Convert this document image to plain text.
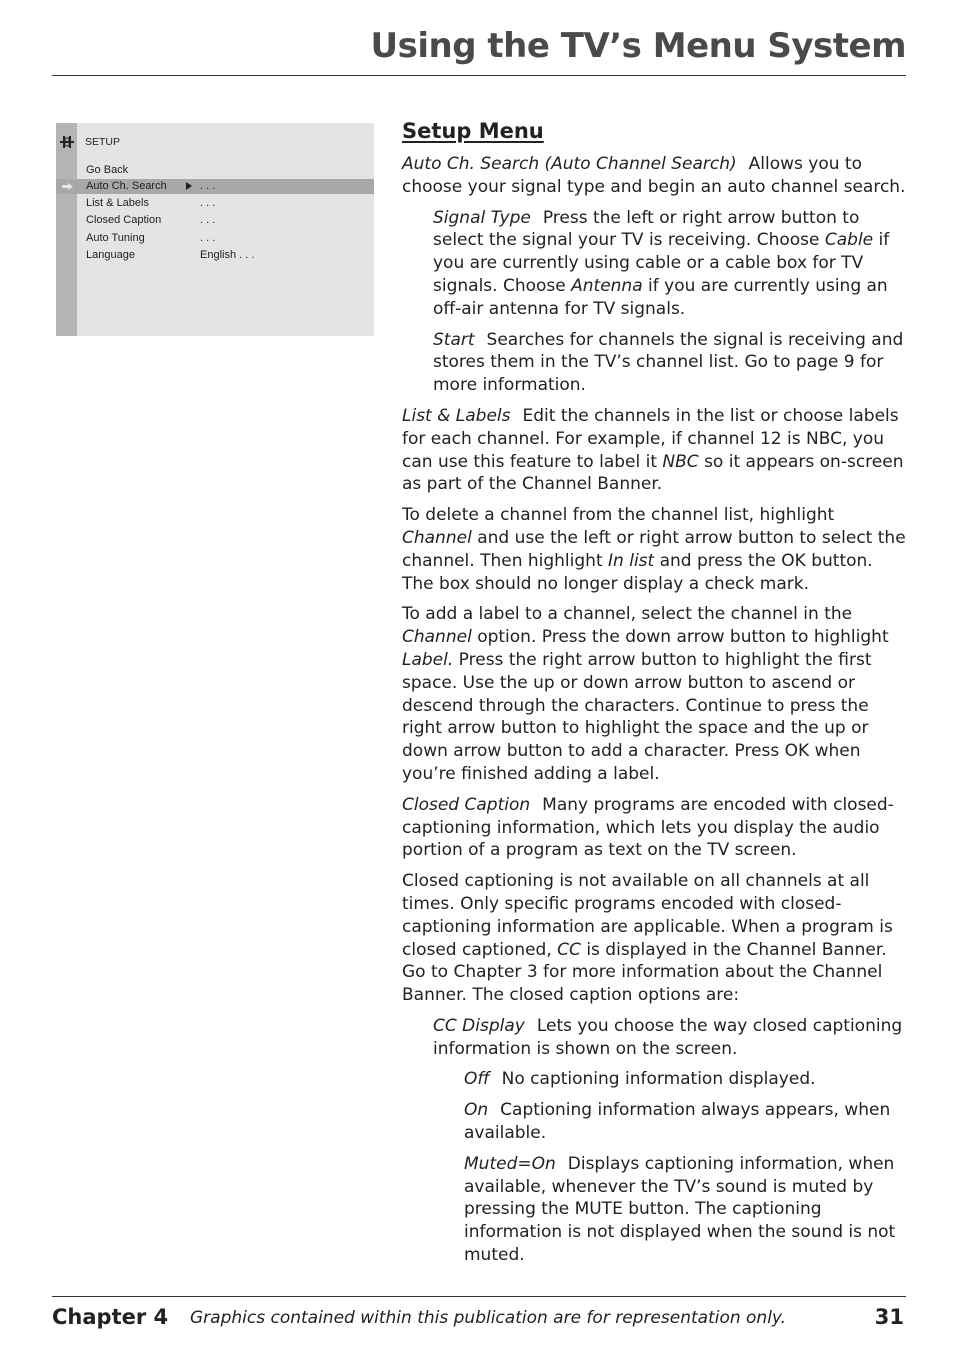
Using the TV’s Menu System
SETUP
Go Back
Auto Ch. Search	. . .
List & Labels	. . .
Closed Caption	. . .
Auto Tuning	. . .
Language	English . . .
Setup Menu

Auto Ch. Search (Auto Channel Search) Allows you to choose your signal type and begin an auto channel search.

Signal Type Press the left or right arrow button to select the signal your TV is receiving. Choose Cable if you are currently using cable or a cable box for TV signals. Choose Antenna if you are currently using an off-air antenna for TV signals.

Start Searches for channels the signal is receiving and stores them in the TV’s channel list. Go to page 9 for more information.

List & Labels Edit the channels in the list or choose labels for each channel. For example, if channel 12 is NBC, you can use this feature to label it NBC so it appears on-screen as part of the Channel Banner.

To delete a channel from the channel list, highlight Channel and use the left or right arrow button to select the channel. Then highlight In list and press the OK button. The box should no longer display a check mark.

To add a label to a channel, select the channel in the Channel option. Press the down arrow button to highlight Label. Press the right arrow button to highlight the first space. Use the up or down arrow button to ascend or descend through the characters. Continue to press the right arrow button to highlight the space and the up or down arrow button to add a character. Press OK when you’re finished adding a label.

Closed Caption Many programs are encoded with closed-captioning information, which lets you display the audio portion of a program as text on the TV screen.

Closed captioning is not available on all channels at all times. Only specific programs encoded with closed-captioning information are applicable. When a program is closed captioned, CC is displayed in the Channel Banner. Go to Chapter 3 for more information about the Channel Banner. The closed caption options are:

CC Display Lets you choose the way closed captioning information is shown on the screen.

Off No captioning information displayed.

On Captioning information always appears, when available.

Muted=On Displays captioning information, when available, whenever the TV’s sound is muted by pressing the MUTE button. The captioning information is not displayed when the sound is not muted.

Chapter 4 Graphics contained within this publication are for representation only.	31
